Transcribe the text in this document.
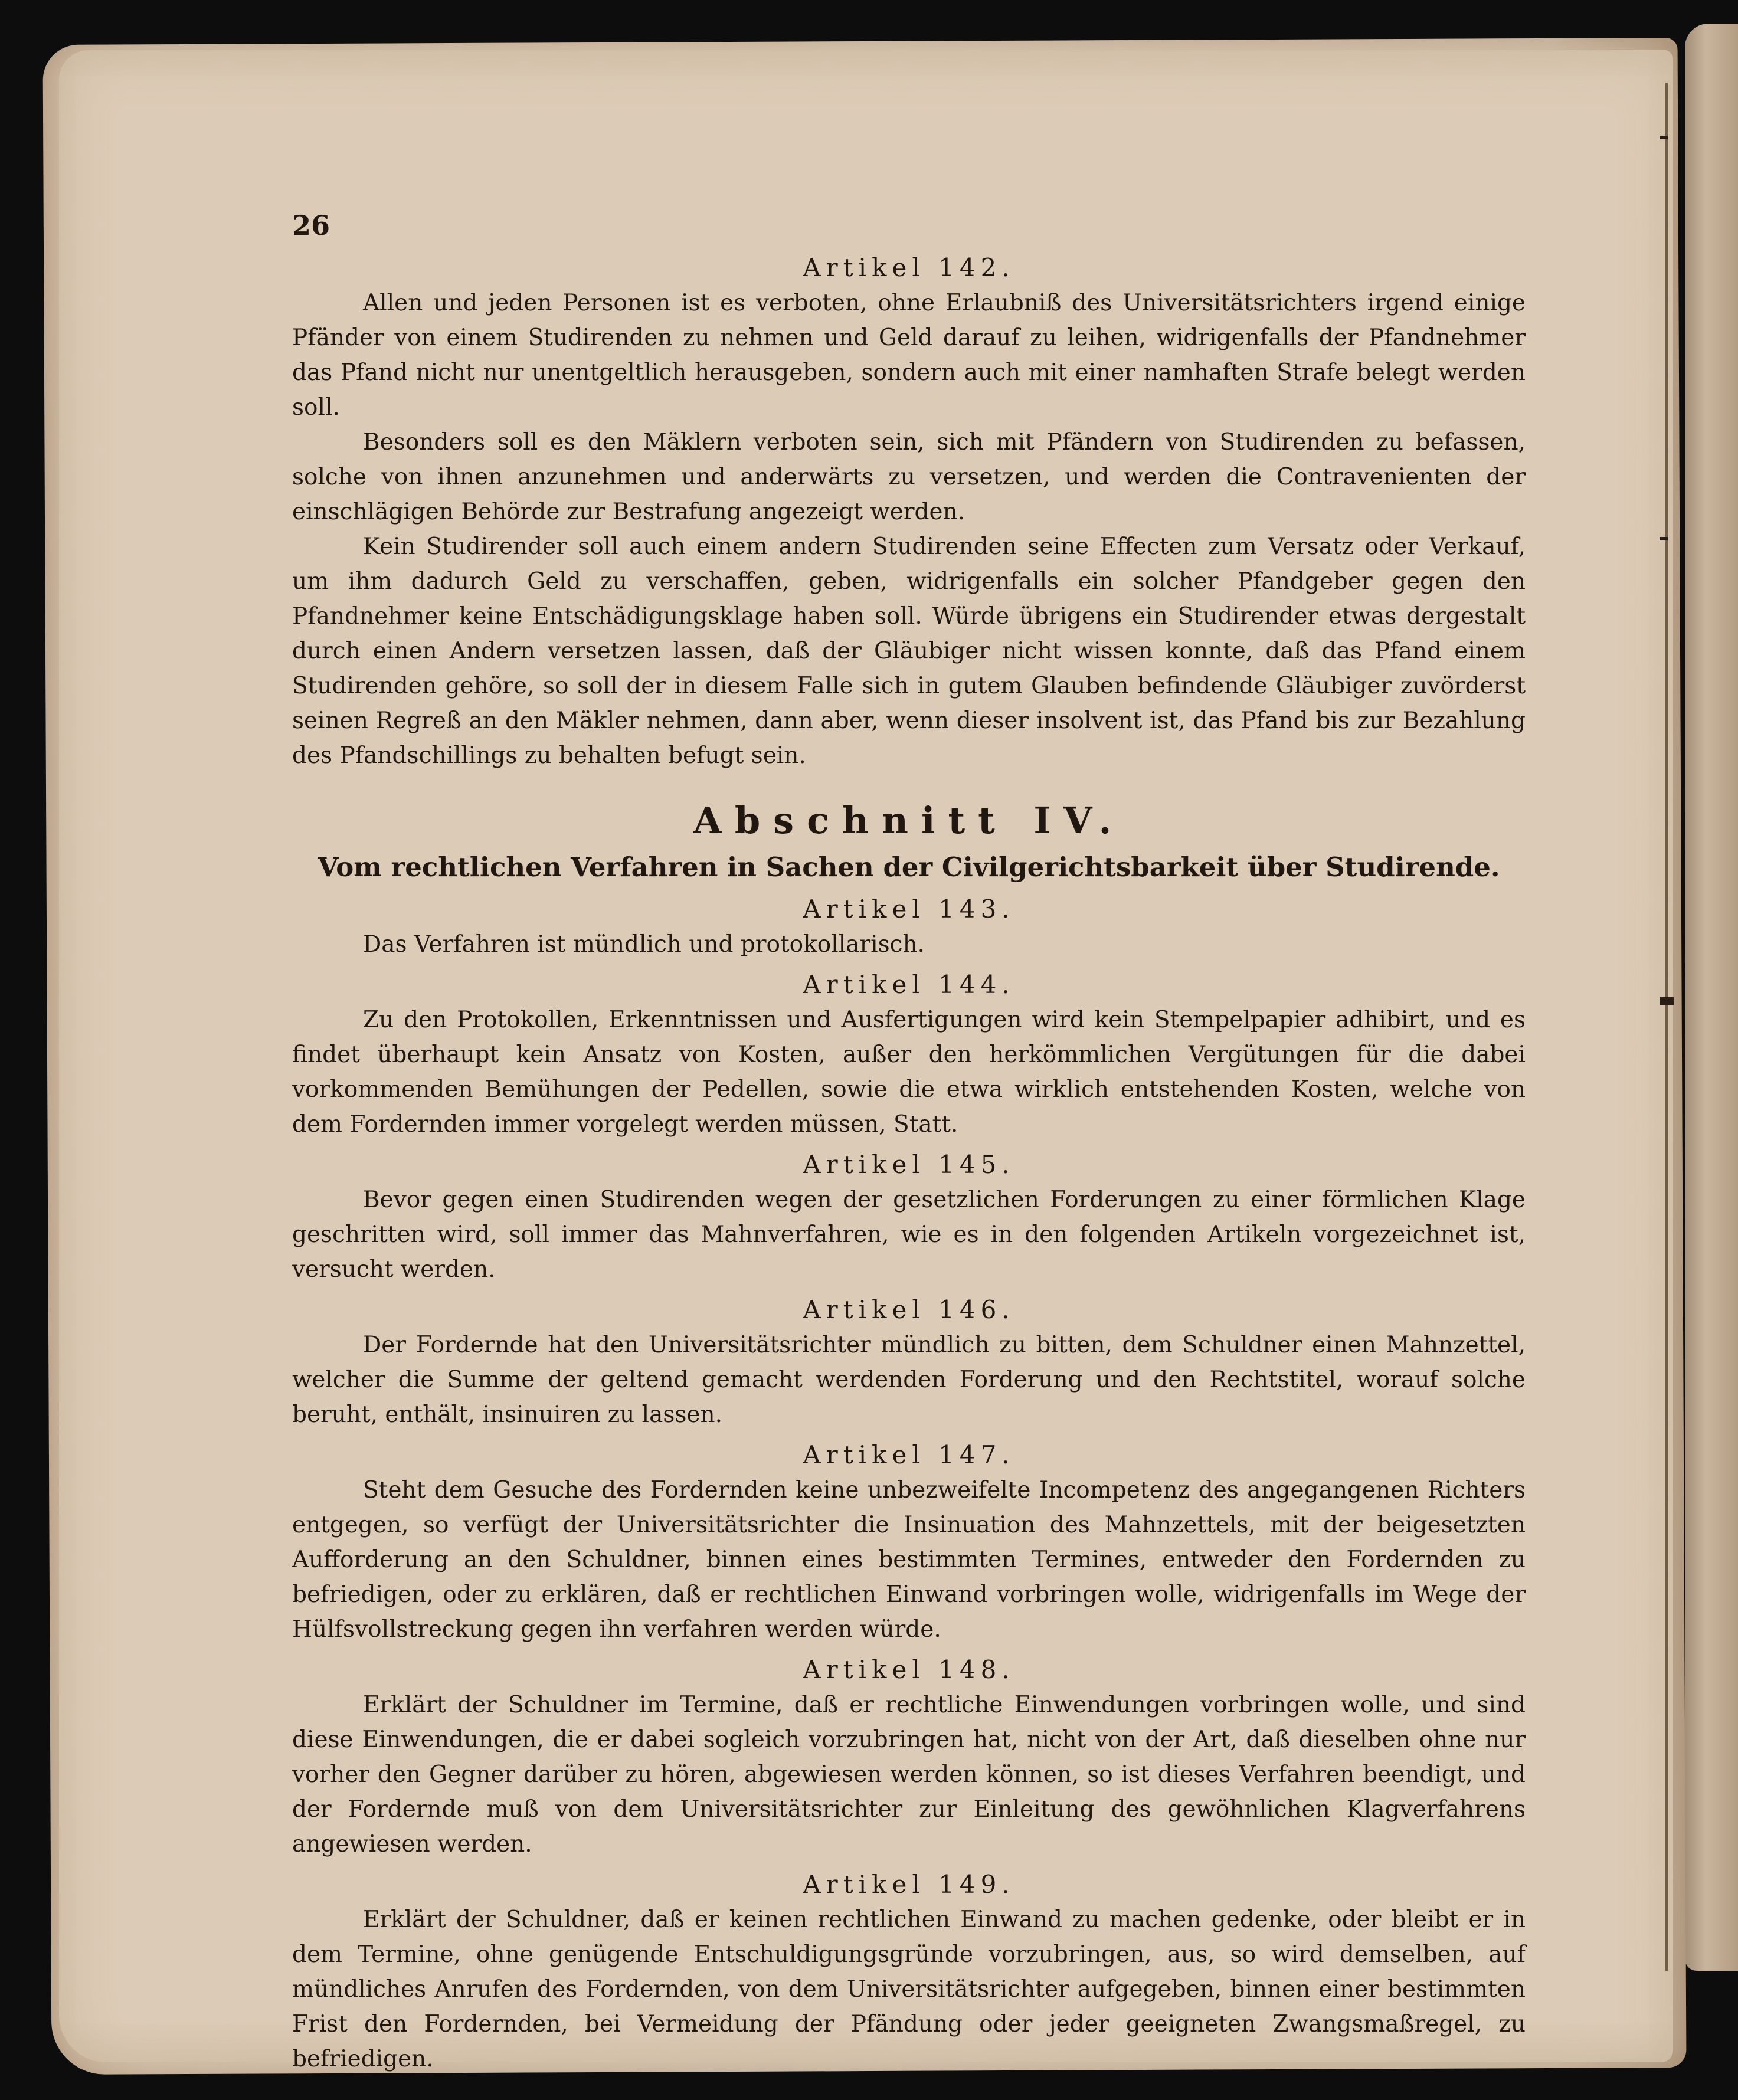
26
Artikel 142.

Allen und jeden Personen ist es verboten, ohne Erlaubniß des Universitätsrichters irgend einige Pfänder von einem Studirenden zu nehmen und Geld darauf zu leihen, widrigenfalls der Pfandnehmer das Pfand nicht nur unentgeltlich herausgeben, sondern auch mit einer namhaften Strafe belegt werden soll.

Besonders soll es den Mäklern verboten sein, sich mit Pfändern von Studirenden zu befassen, solche von ihnen anzunehmen und anderwärts zu versetzen, und werden die Contravenienten der einschlägigen Behörde zur Bestrafung angezeigt werden.

Kein Studirender soll auch einem andern Studirenden seine Effecten zum Versatz oder Verkauf, um ihm dadurch Geld zu verschaffen, geben, widrigenfalls ein solcher Pfandgeber gegen den Pfandnehmer keine Entschädigungsklage haben soll. Würde übrigens ein Studirender etwas dergestalt durch einen Andern versetzen lassen, daß der Gläubiger nicht wissen konnte, daß das Pfand einem Studirenden gehöre, so soll der in diesem Falle sich in gutem Glauben befindende Gläubiger zuvörderst seinen Regreß an den Mäkler nehmen, dann aber, wenn dieser insolvent ist, das Pfand bis zur Bezahlung des Pfandschillings zu behalten befugt sein.

Abschnitt IV.
Vom rechtlichen Verfahren in Sachen der Civilgerichtsbarkeit über Studirende.
Artikel 143.

Das Verfahren ist mündlich und protokollarisch.

Artikel 144.

Zu den Protokollen, Erkenntnissen und Ausfertigungen wird kein Stempelpapier adhibirt, und es findet überhaupt kein Ansatz von Kosten, außer den herkömmlichen Vergütungen für die dabei vorkommenden Bemühungen der Pedellen, sowie die etwa wirklich entstehenden Kosten, welche von dem Fordernden immer vorgelegt werden müssen, Statt.

Artikel 145.

Bevor gegen einen Studirenden wegen der gesetzlichen Forderungen zu einer förmlichen Klage geschritten wird, soll immer das Mahnverfahren, wie es in den folgenden Artikeln vorgezeichnet ist, versucht werden.

Artikel 146.

Der Fordernde hat den Universitätsrichter mündlich zu bitten, dem Schuldner einen Mahnzettel, welcher die Summe der geltend gemacht werdenden Forderung und den Rechtstitel, worauf solche beruht, enthält, insinuiren zu lassen.

Artikel 147.

Steht dem Gesuche des Fordernden keine unbezweifelte Incompetenz des angegangenen Richters entgegen, so verfügt der Universitätsrichter die Insinuation des Mahnzettels, mit der beigesetzten Aufforderung an den Schuldner, binnen eines bestimmten Termines, entweder den Fordernden zu befriedigen, oder zu erklären, daß er rechtlichen Einwand vorbringen wolle, widrigenfalls im Wege der Hülfsvollstreckung gegen ihn verfahren werden würde.

Artikel 148.

Erklärt der Schuldner im Termine, daß er rechtliche Einwendungen vorbringen wolle, und sind diese Einwendungen, die er dabei sogleich vorzubringen hat, nicht von der Art, daß dieselben ohne nur vorher den Gegner darüber zu hören, abgewiesen werden können, so ist dieses Verfahren beendigt, und der Fordernde muß von dem Universitätsrichter zur Einleitung des gewöhnlichen Klagverfahrens angewiesen werden.

Artikel 149.

Erklärt der Schuldner, daß er keinen rechtlichen Einwand zu machen gedenke, oder bleibt er in dem Termine, ohne genügende Entschuldigungsgründe vorzubringen, aus, so wird demselben, auf mündliches Anrufen des Fordernden, von dem Universitätsrichter aufgegeben, binnen einer bestimmten Frist den Fordernden, bei Vermeidung der Pfändung oder jeder geeigneten Zwangsmaßregel, zu befriedigen.
